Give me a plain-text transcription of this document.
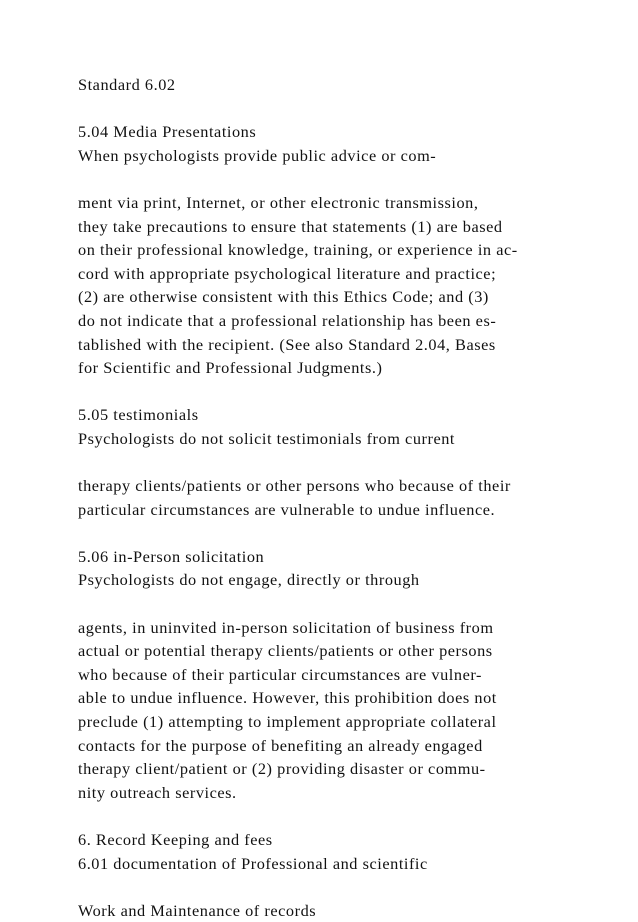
Standard 6.02
5.04 Media Presentations
When psychologists provide public advice or com-
ment via print, Internet, or other electronic transmission,
they take precautions to ensure that statements (1) are based
on their professional knowledge, training, or experience in ac-
cord with appropriate psychological literature and practice;
(2) are otherwise consistent with this Ethics Code; and (3)
do not indicate that a professional relationship has been es-
tablished with the recipient. (See also Standard 2.04, Bases
for Scientific and Professional Judgments.)
5.05 testimonials
Psychologists do not solicit testimonials from current
therapy clients/patients or other persons who because of their
particular circumstances are vulnerable to undue influence.
5.06 in-Person solicitation
Psychologists do not engage, directly or through
agents, in uninvited in-person solicitation of business from
actual or potential therapy clients/patients or other persons
who because of their particular circumstances are vulner-
able to undue influence. However, this prohibition does not
preclude (1) attempting to implement appropriate collateral
contacts for the purpose of benefiting an already engaged
therapy client/patient or (2) providing disaster or commu-
nity outreach services.
6. Record Keeping and fees
6.01 documentation of Professional and scientific
Work and Maintenance of records
